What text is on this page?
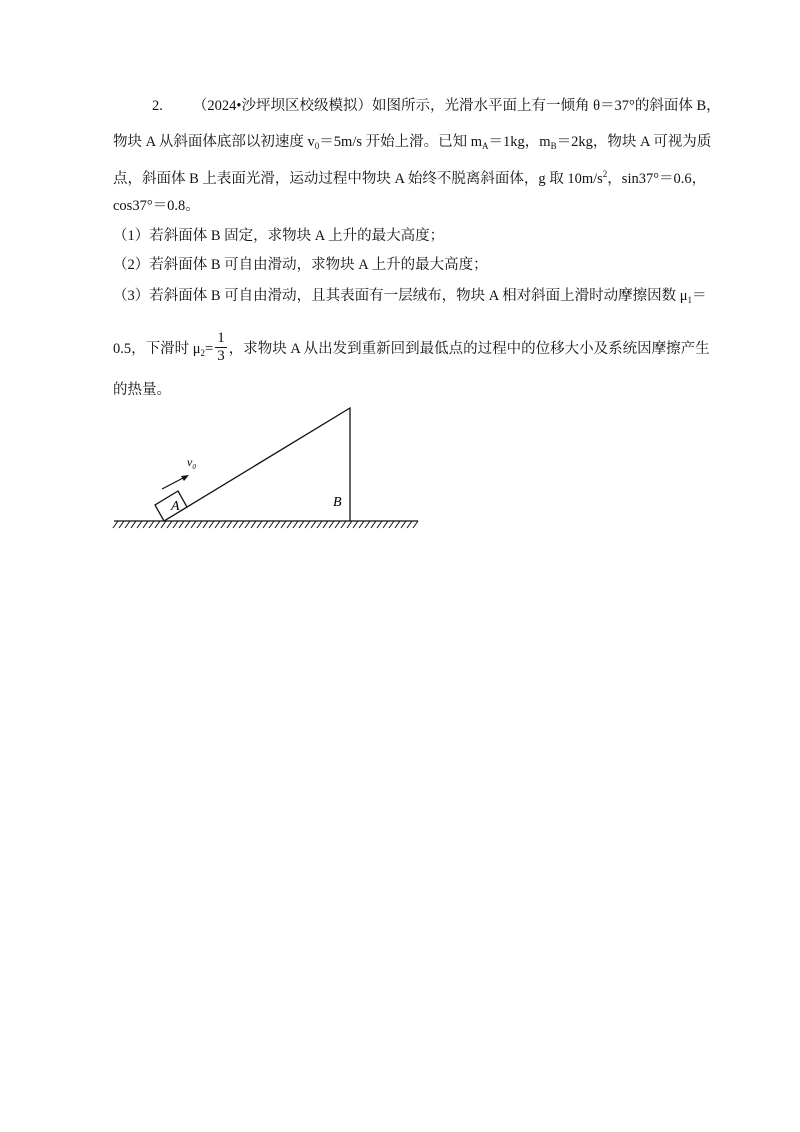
2. （2024•沙坪坝区校级模拟）如图所示，光滑水平面上有一倾角 θ＝37°的斜面体 B，
物块 A 从斜面体底部以初速度 $v_0=5m/s$ 开始上滑。已知 $m_A=1kg$，$m_B=2kg$，物块 A 可视为质
点，斜面体 B 上表面光滑，运动过程中物块 A 始终不脱离斜面体，g 取 $10m/s^2$，sin37°＝0.6，
cos37°＝0.8。
（1）若斜面体 B 固定，求物块 A 上升的最大高度；
（2）若斜面体 B 可自由滑动，求物块 A 上升的最大高度；
（3）若斜面体 B 可自由滑动，且其表面有一层绒布，物块 A 相对斜面上滑时动摩擦因数 $\mu_1=$
0.5，下滑时 $\mu_2= \frac{1}{3}$ ，求物块 A 从出发到重新回到最低点的过程中的位移大小及系统因摩擦产生
的热量。
A	B
$v_0$
